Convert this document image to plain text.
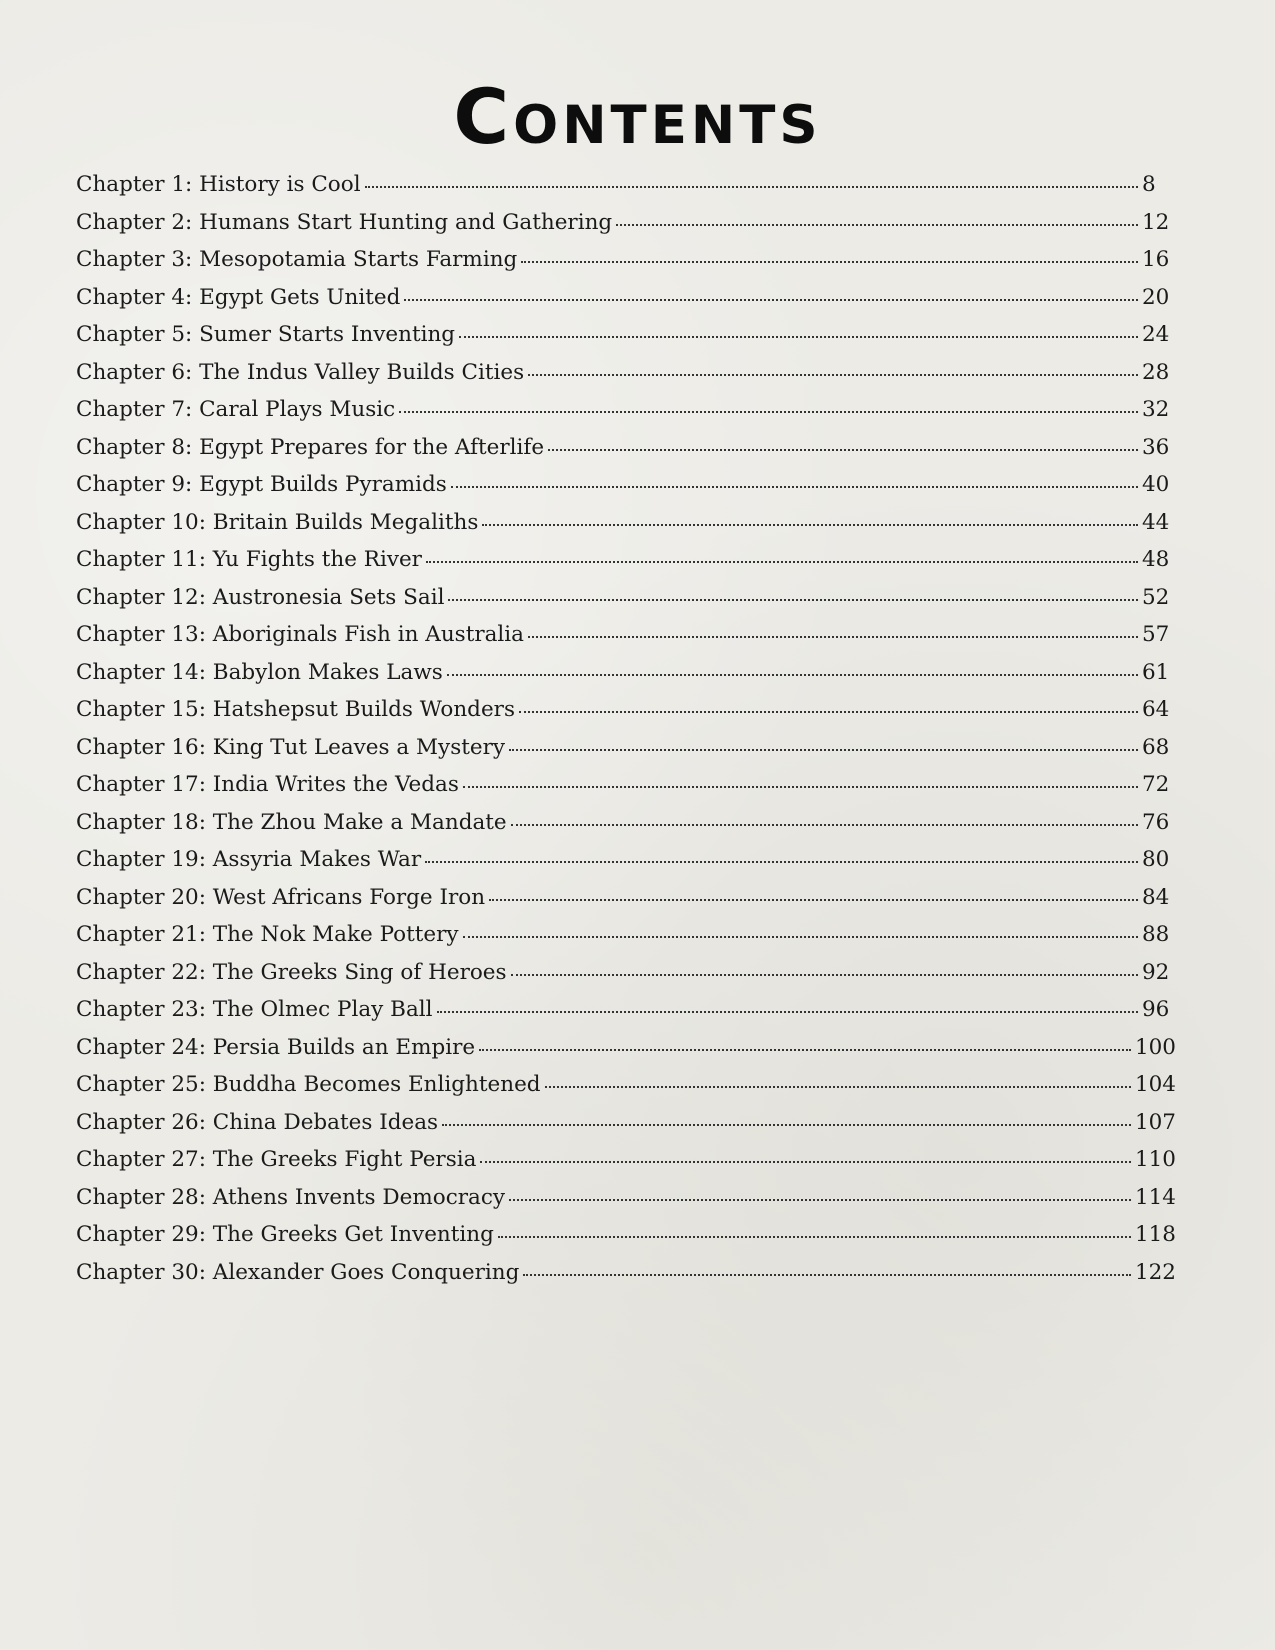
Contents
Chapter 1: History is Cool	8
Chapter 2: Humans Start Hunting and Gathering	12
Chapter 3: Mesopotamia Starts Farming	16
Chapter 4: Egypt Gets United	20
Chapter 5: Sumer Starts Inventing	24
Chapter 6: The Indus Valley Builds Cities	28
Chapter 7: Caral Plays Music	32
Chapter 8: Egypt Prepares for the Afterlife	36
Chapter 9: Egypt Builds Pyramids	40
Chapter 10: Britain Builds Megaliths	44
Chapter 11: Yu Fights the River	48
Chapter 12: Austronesia Sets Sail	52
Chapter 13: Aboriginals Fish in Australia	57
Chapter 14: Babylon Makes Laws	61
Chapter 15: Hatshepsut Builds Wonders	64
Chapter 16: King Tut Leaves a Mystery	68
Chapter 17: India Writes the Vedas	72
Chapter 18: The Zhou Make a Mandate	76
Chapter 19: Assyria Makes War	80
Chapter 20: West Africans Forge Iron	84
Chapter 21: The Nok Make Pottery	88
Chapter 22: The Greeks Sing of Heroes	92
Chapter 23: The Olmec Play Ball	96
Chapter 24: Persia Builds an Empire	100
Chapter 25: Buddha Becomes Enlightened	104
Chapter 26: China Debates Ideas	107
Chapter 27: The Greeks Fight Persia	110
Chapter 28: Athens Invents Democracy	114
Chapter 29: The Greeks Get Inventing	118
Chapter 30: Alexander Goes Conquering	122
